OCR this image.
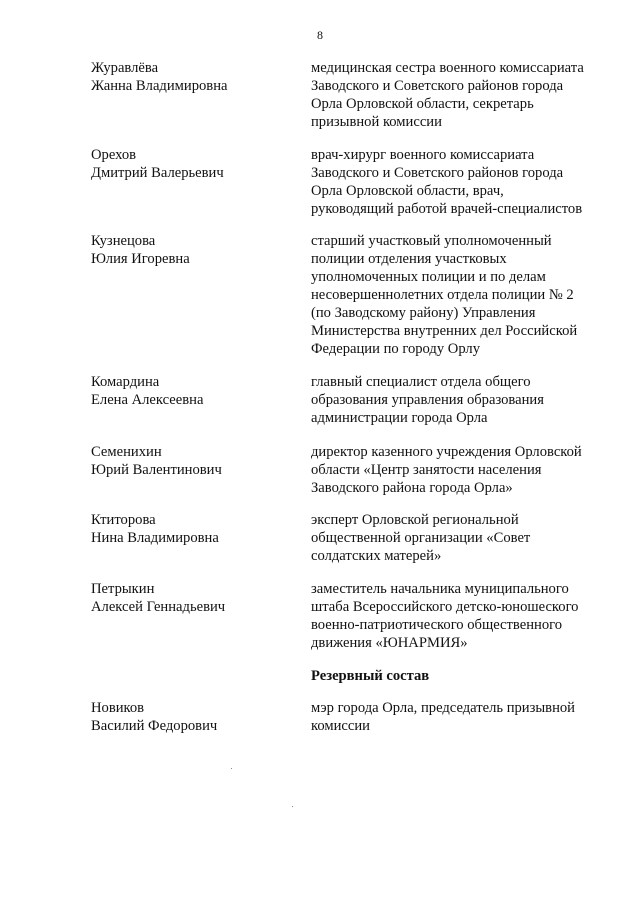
8
Журавлёва
Жанна Владимировна
медицинская сестра военного комиссариата
Заводского и Советского районов города
Орла Орловской области, секретарь
призывной комиссии
Орехов
Дмитрий Валерьевич
врач-хирург военного комиссариата
Заводского и Советского районов города
Орла Орловской области, врач,
руководящий работой врачей-специалистов
Кузнецова
Юлия Игоревна
старший участковый уполномоченный
полиции отделения участковых
уполномоченных полиции и по делам
несовершеннолетних отдела полиции № 2
(по Заводскому району) Управления
Министерства внутренних дел Российской
Федерации по городу Орлу
Комардина
Елена Алексеевна
главный специалист отдела общего
образования управления образования
администрации города Орла
Семенихин
Юрий Валентинович
директор казенного учреждения Орловской
области «Центр занятости населения
Заводского района города Орла»
Ктиторова
Нина Владимировна
эксперт Орловской региональной
общественной организации «Совет
солдатских матерей»
Петрыкин
Алексей Геннадьевич
заместитель начальника муниципального
штаба Всероссийского детско-юношеского
военно-патриотического общественного
движения «ЮНАРМИЯ»
Резервный состав
Новиков
Василий Федорович
мэр города Орла, председатель призывной
комиссии
